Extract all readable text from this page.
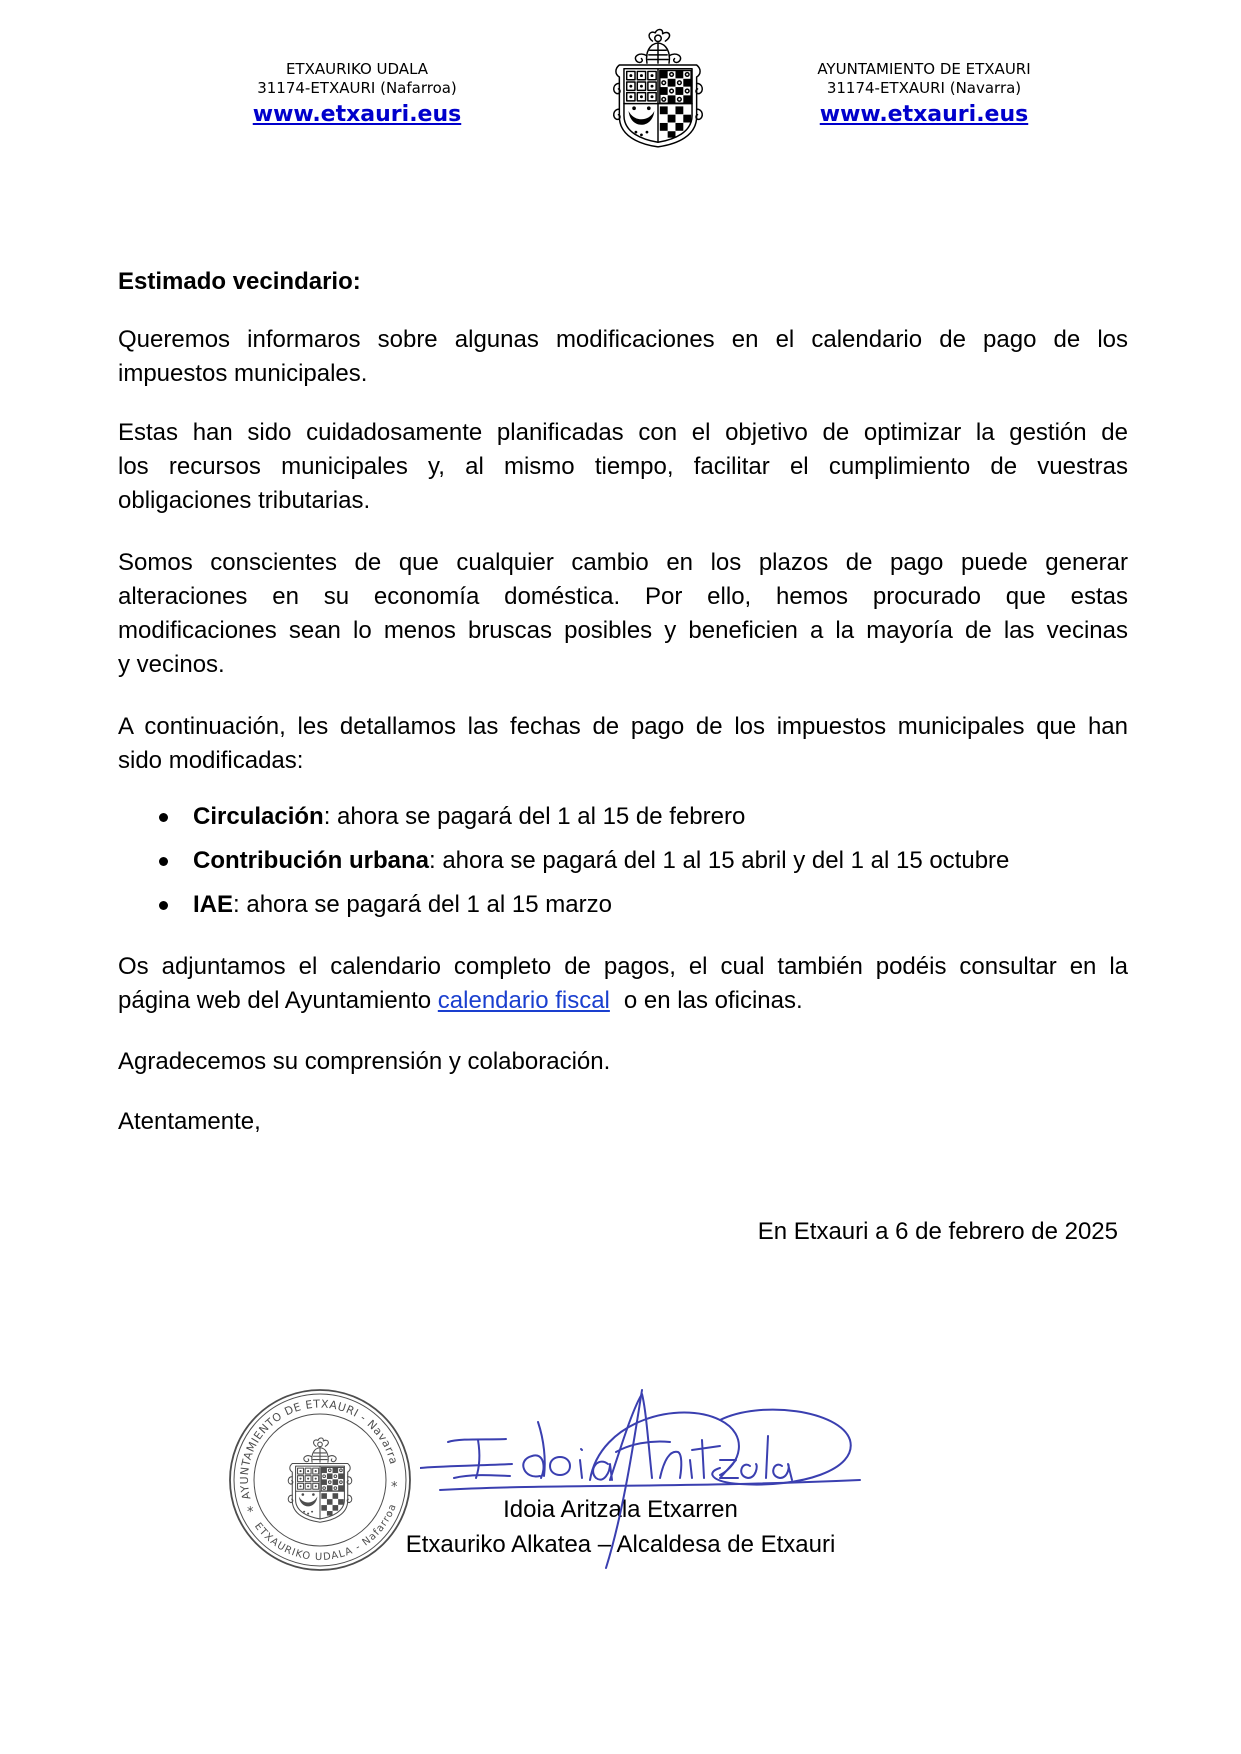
ETXAURIKO UDALA
31174-ETXAURI (Nafarroa)
www.etxauri.eus
AYUNTAMIENTO DE ETXAURI
31174-ETXAURI (Navarra)
www.etxauri.eus
Estimado vecindario:
Queremos informaros sobre algunas modificaciones en el calendario de pago de los
impuestos municipales.
Estas han sido cuidadosamente planificadas con el objetivo de optimizar la gestión de
los recursos municipales y, al mismo tiempo, facilitar el cumplimiento de vuestras
obligaciones tributarias.
Somos conscientes de que cualquier cambio en los plazos de pago puede generar
alteraciones en su economía doméstica. Por ello, hemos procurado que estas
modificaciones sean lo menos bruscas posibles y beneficien a la mayoría de las vecinas
y vecinos.
A continuación, les detallamos las fechas de pago de los impuestos municipales que han
sido modificadas:
Circulación: ahora se pagará del 1 al 15 de febrero
Contribución urbana: ahora se pagará del 1 al 15 abril y del 1 al 15 octubre
IAE: ahora se pagará del 1 al 15 marzo
Os adjuntamos el calendario completo de pagos, el cual también podéis consultar en la
página web del Ayuntamiento calendario fiscal o en las oficinas.
Agradecemos su comprensión y colaboración.
Atentamente,
En Etxauri a 6 de febrero de 2025
AYUNTAMIENTO DE ETXAURI - Navarra
ETXAURIKO UDALA - Nafarroa
*
*
Idoia Aritzala Etxarren
Etxauriko Alkatea – Alcaldesa de Etxauri
